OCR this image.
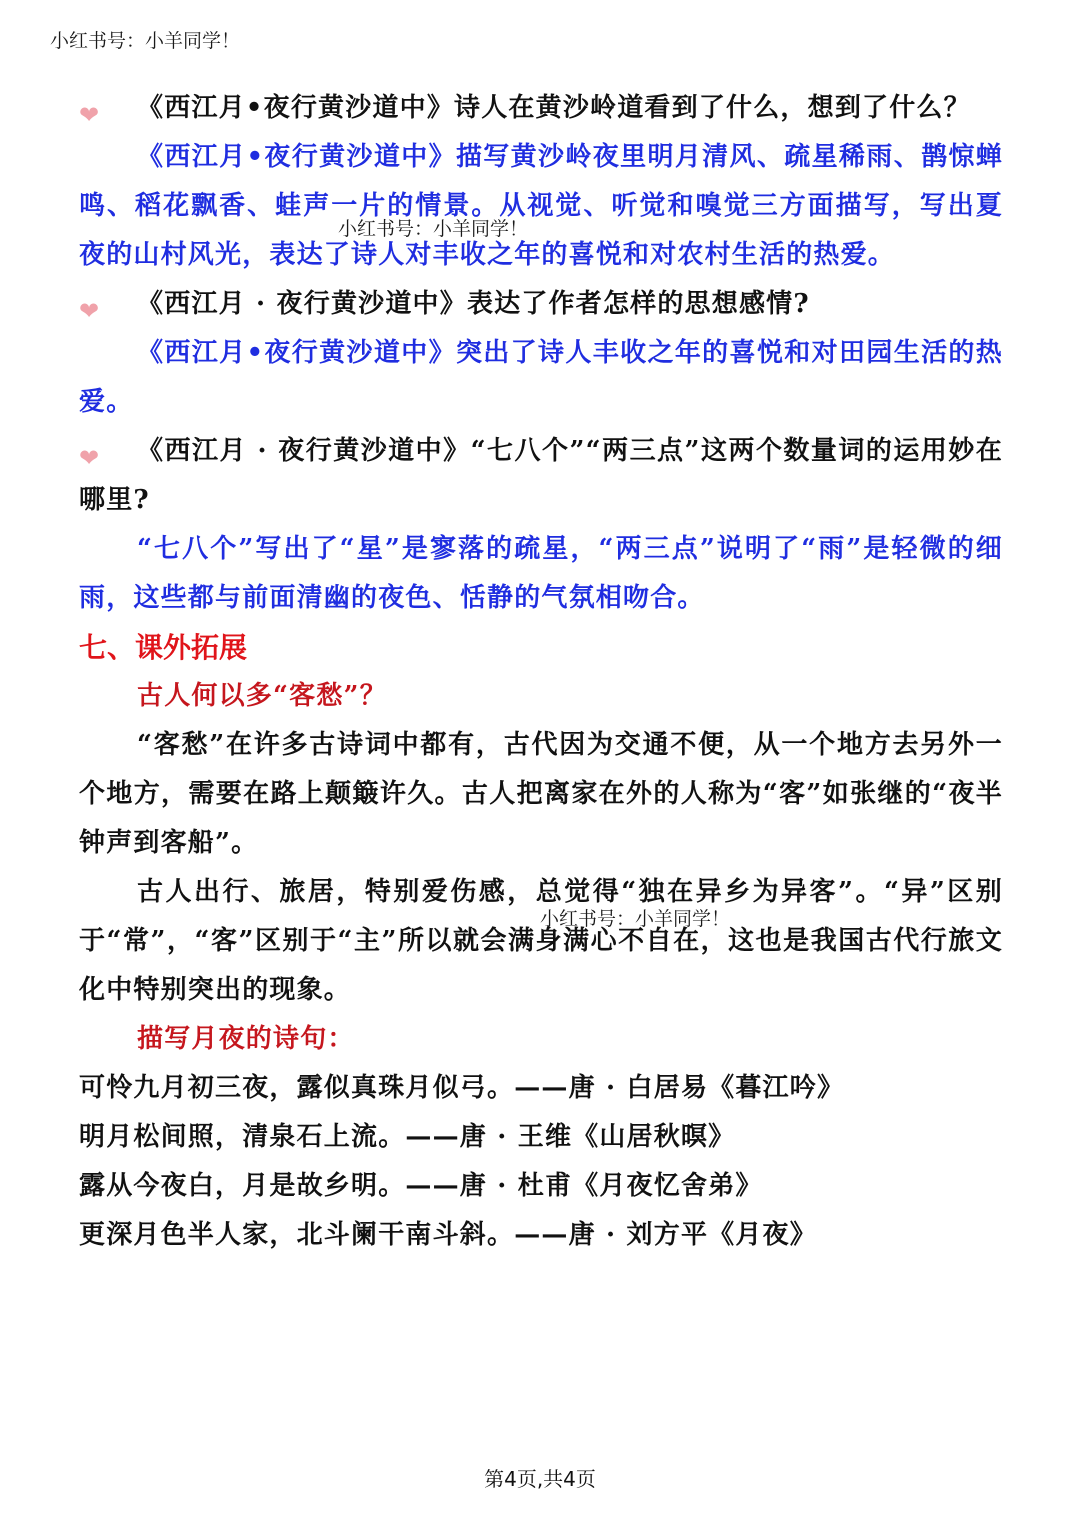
小红书号：小羊同学！
小红书号：小羊同学！
小红书号：小羊同学！

❤ 《西江月•夜行黄沙道中》诗人在黄沙岭道看到了什么，想到了什么？

《西江月•夜行黄沙道中》描写黄沙岭夜里明月清风、疏星稀雨、鹊惊蝉鸣、稻花飘香、蛙声一片的情景。从视觉、听觉和嗅觉三方面描写，写出夏夜的山村风光，表达了诗人对丰收之年的喜悦和对农村生活的热爱。

❤ 《西江月 · 夜行黄沙道中》表达了作者怎样的思想感情?

《西江月•夜行黄沙道中》突出了诗人丰收之年的喜悦和对田园生活的热爱。

❤ 《西江月 · 夜行黄沙道中》“七八个”“两三点”这两个数量词的运用妙在哪里?

“七八个”写出了“星”是寥落的疏星，“两三点”说明了“雨”是轻微的细雨，这些都与前面清幽的夜色、恬静的气氛相吻合。

七、课外拓展

古人何以多“客愁”？

“客愁”在许多古诗词中都有，古代因为交通不便，从一个地方去另外一个地方，需要在路上颠簸许久。古人把离家在外的人称为“客”如张继的“夜半钟声到客船”。

古人出行、旅居，特别爱伤感，总觉得“独在异乡为异客”。“异”区别于“常”，“客”区别于“主”所以就会满身满心不自在，这也是我国古代行旅文化中特别突出的现象。

描写月夜的诗句：

可怜九月初三夜，露似真珠月似弓。——唐 · 白居易《暮江吟》

明月松间照，清泉石上流。——唐 · 王维《山居秋暝》

露从今夜白，月是故乡明。——唐 · 杜甫《月夜忆舍弟》

更深月色半人家，北斗阑干南斗斜。——唐 · 刘方平《月夜》

第4页,共4页
